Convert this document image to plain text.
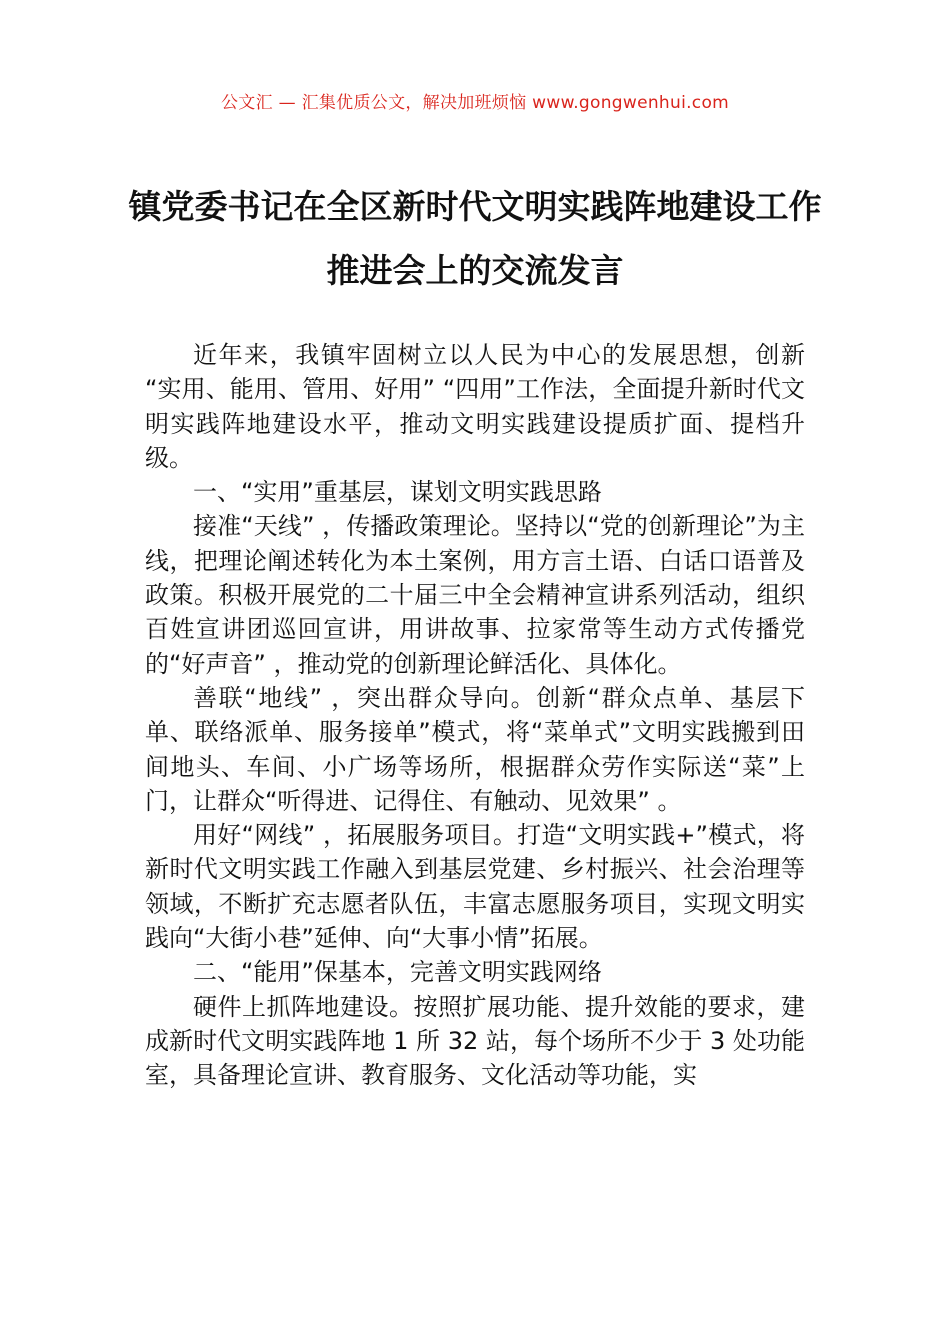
公文汇 — 汇集优质公文，解决加班烦恼 www.gongwenhui.com
镇党委书记在全区新时代文明实践阵地建设工作推进会上的交流发言

近年来，我镇牢固树立以人民为中心的发展思想，创新 “实用、能用、管用、好用” “四用”工作法，全面提升新时代文明实践阵地建设水平，推动文明实践建设提质扩面、提档升级。

一、“实用”重基层，谋划文明实践思路

接准“天线” ，传播政策理论。坚持以“党的创新理论”为主线，把理论阐述转化为本土案例，用方言土语、白话口语普及政策。积极开展党的二十届三中全会精神宣讲系列活动，组织百姓宣讲团巡回宣讲，用讲故事、拉家常等生动方式传播党的“好声音” ，推动党的创新理论鲜活化、具体化。

善联“地线” ，突出群众导向。创新“群众点单、基层下单、联络派单、服务接单”模式，将“菜单式”文明实践搬到田间地头、车间、小广场等场所，根据群众劳作实际送“菜”上门，让群众“听得进、记得住、有触动、见效果” 。

用好“网线” ，拓展服务项目。打造“文明实践+”模式，将新时代文明实践工作融入到基层党建、乡村振兴、社会治理等领域，不断扩充志愿者队伍，丰富志愿服务项目，实现文明实践向“大街小巷”延伸、向“大事小情”拓展。

二、“能用”保基本，完善文明实践网络

硬件上抓阵地建设。按照扩展功能、提升效能的要求，建成新时代文明实践阵地 1 所 32 站，每个场所不少于 3 处功能室，具备理论宣讲、教育服务、文化活动等功能，实
